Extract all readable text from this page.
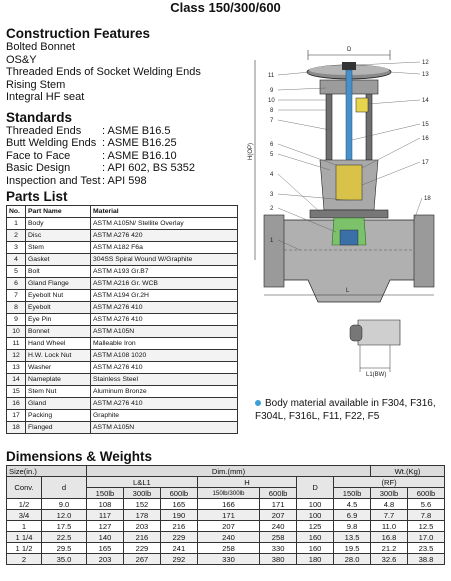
Class 150/300/600
Construction Features
Bolted Bonnet
OS&Y
Threaded Ends of Socket Welding Ends
Rising Stem
Integral HF seat
Standards
Threaded Ends	: ASME B16.5
Butt Welding Ends : ASME B16.25
Face to Face	: ASME B16.10
Basic Design	: API 602, BS 5352
Inspection and Test : API 598
Parts List
No.	Part Name	Material
1	Body	ASTM A105N/ Stellite Overlay
2	Disc	ASTM A276 420
3	Stem	ASTM A182 F6a
4	Gasket	304SS Spiral Wound W/Graphite
5	Bolt	ASTM A193 Gr.B7
6	Gland Flange	ASTM A216 Gr. WCB
7	Eyebolt Nut	ASTM A194 Gr.2H
8	Eyebolt	ASTM A276 410
9	Eye Pin	ASTM A276 410
10	Bonnet	ASTM A105N
11	Hand Wheel	Malleable Iron
12	H.W. Lock Nut	ASTM A108 1020
13	Washer	ASTM A276 410
14	Nameplate	Stainless Steel
15	Stem Nut	Aluminum Bronze
16	Gland	ASTM A276 410
17	Packing	Graphite
18	Flanged	ASTM A105N
D
H(OP)
L
L1(BW)
11
9
10
8
7
6
5
4
3
2
1
12
13
14
15
16
17
18
Body material available in F304, F316, F304L, F316L, F11, F22, F5
Dimensions & Weights
Size(in.)		Dim.(mm)							Wt.(Kg)	
Conv.	d	L&L1			H		D	(RF)		
		150lb	300lb	600lb	150lb/300lb	600lb		150lb	300lb	600lb
1/2	9.0	108	152	165	166	171	100	4.5	4.8	5.6
3/4	12.0	117	178	190	171	207	100	6.9	7.7	7.8
1	17.5	127	203	216	207	240	125	9.8	11.0	12.5
1 1/4	22.5	140	216	229	240	258	160	13.5	16.8	17.0
1 1/2	29.5	165	229	241	258	330	160	19.5	21.2	23.5
2	35.0	203	267	292	330	380	180	28.0	32.6	38.8
